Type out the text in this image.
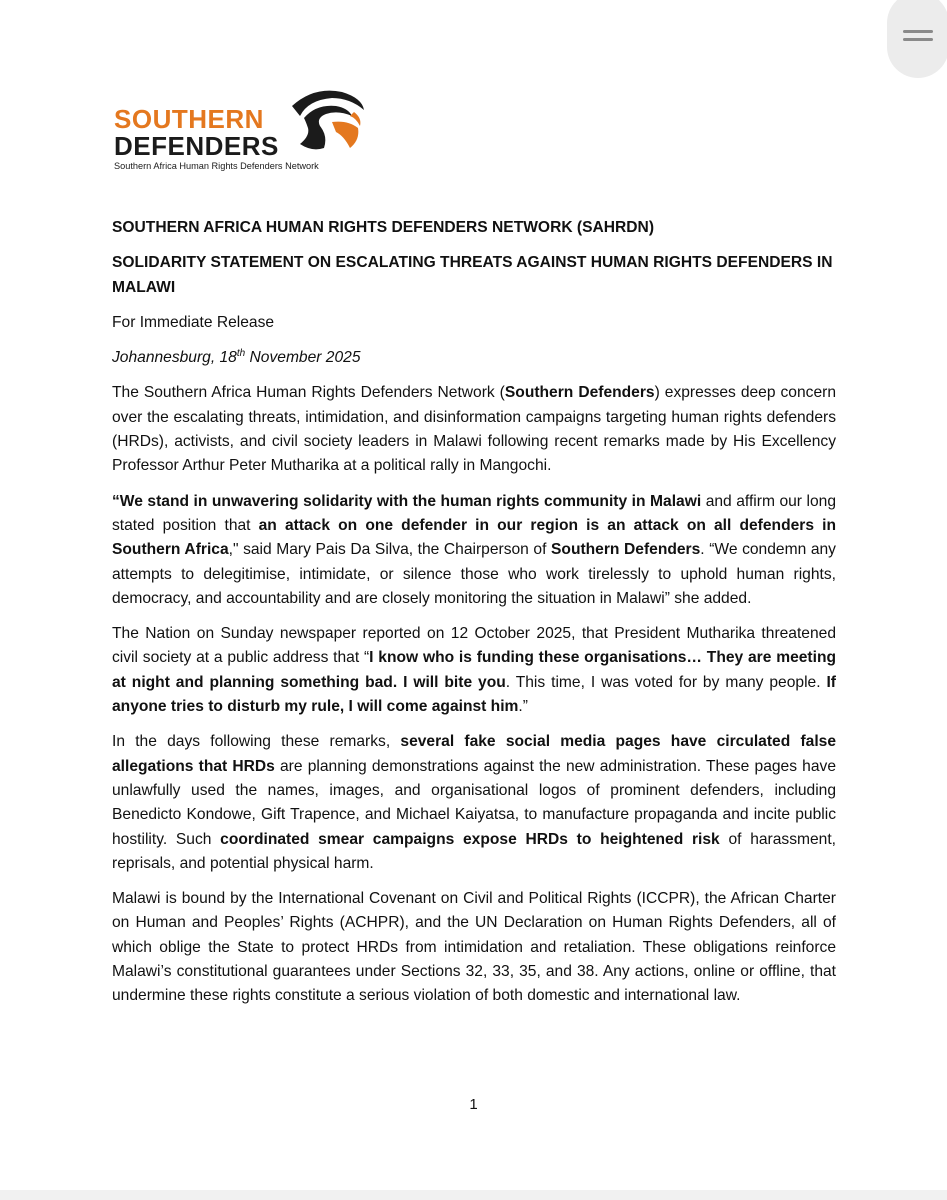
SOUTHERN
DEFENDERS
Southern Africa Human Rights Defenders Network

SOUTHERN AFRICA HUMAN RIGHTS DEFENDERS NETWORK (SAHRDN)

SOLIDARITY STATEMENT ON ESCALATING THREATS AGAINST HUMAN RIGHTS DEFENDERS IN MALAWI

For Immediate Release

Johannesburg, 18th November 2025

The Southern Africa Human Rights Defenders Network (Southern Defenders) expresses deep concern over the escalating threats, intimidation, and disinformation campaigns targeting human rights defenders (HRDs), activists, and civil society leaders in Malawi following recent remarks made by His Excellency Professor Arthur Peter Mutharika at a political rally in Mangochi.

“We stand in unwavering solidarity with the human rights community in Malawi and affirm our long stated position that an attack on one defender in our region is an attack on all defenders in Southern Africa," said Mary Pais Da Silva, the Chairperson of Southern Defenders. “We condemn any attempts to delegitimise, intimidate, or silence those who work tirelessly to uphold human rights, democracy, and accountability and are closely monitoring the situation in Malawi” she added.

The Nation on Sunday newspaper reported on 12 October 2025, that President Mutharika threatened civil society at a public address that “I know who is funding these organisations… They are meeting at night and planning something bad. I will bite you. This time, I was voted for by many people. If anyone tries to disturb my rule, I will come against him.”

In the days following these remarks, several fake social media pages have circulated false allegations that HRDs are planning demonstrations against the new administration. These pages have unlawfully used the names, images, and organisational logos of prominent defenders, including Benedicto Kondowe, Gift Trapence, and Michael Kaiyatsa, to manufacture propaganda and incite public hostility. Such coordinated smear campaigns expose HRDs to heightened risk of harassment, reprisals, and potential physical harm.

Malawi is bound by the International Covenant on Civil and Political Rights (ICCPR), the African Charter on Human and Peoples’ Rights (ACHPR), and the UN Declaration on Human Rights Defenders, all of which oblige the State to protect HRDs from intimidation and retaliation. These obligations reinforce Malawi’s constitutional guarantees under Sections 32, 33, 35, and 38. Any actions, online or offline, that undermine these rights constitute a serious violation of both domestic and international law.

1
